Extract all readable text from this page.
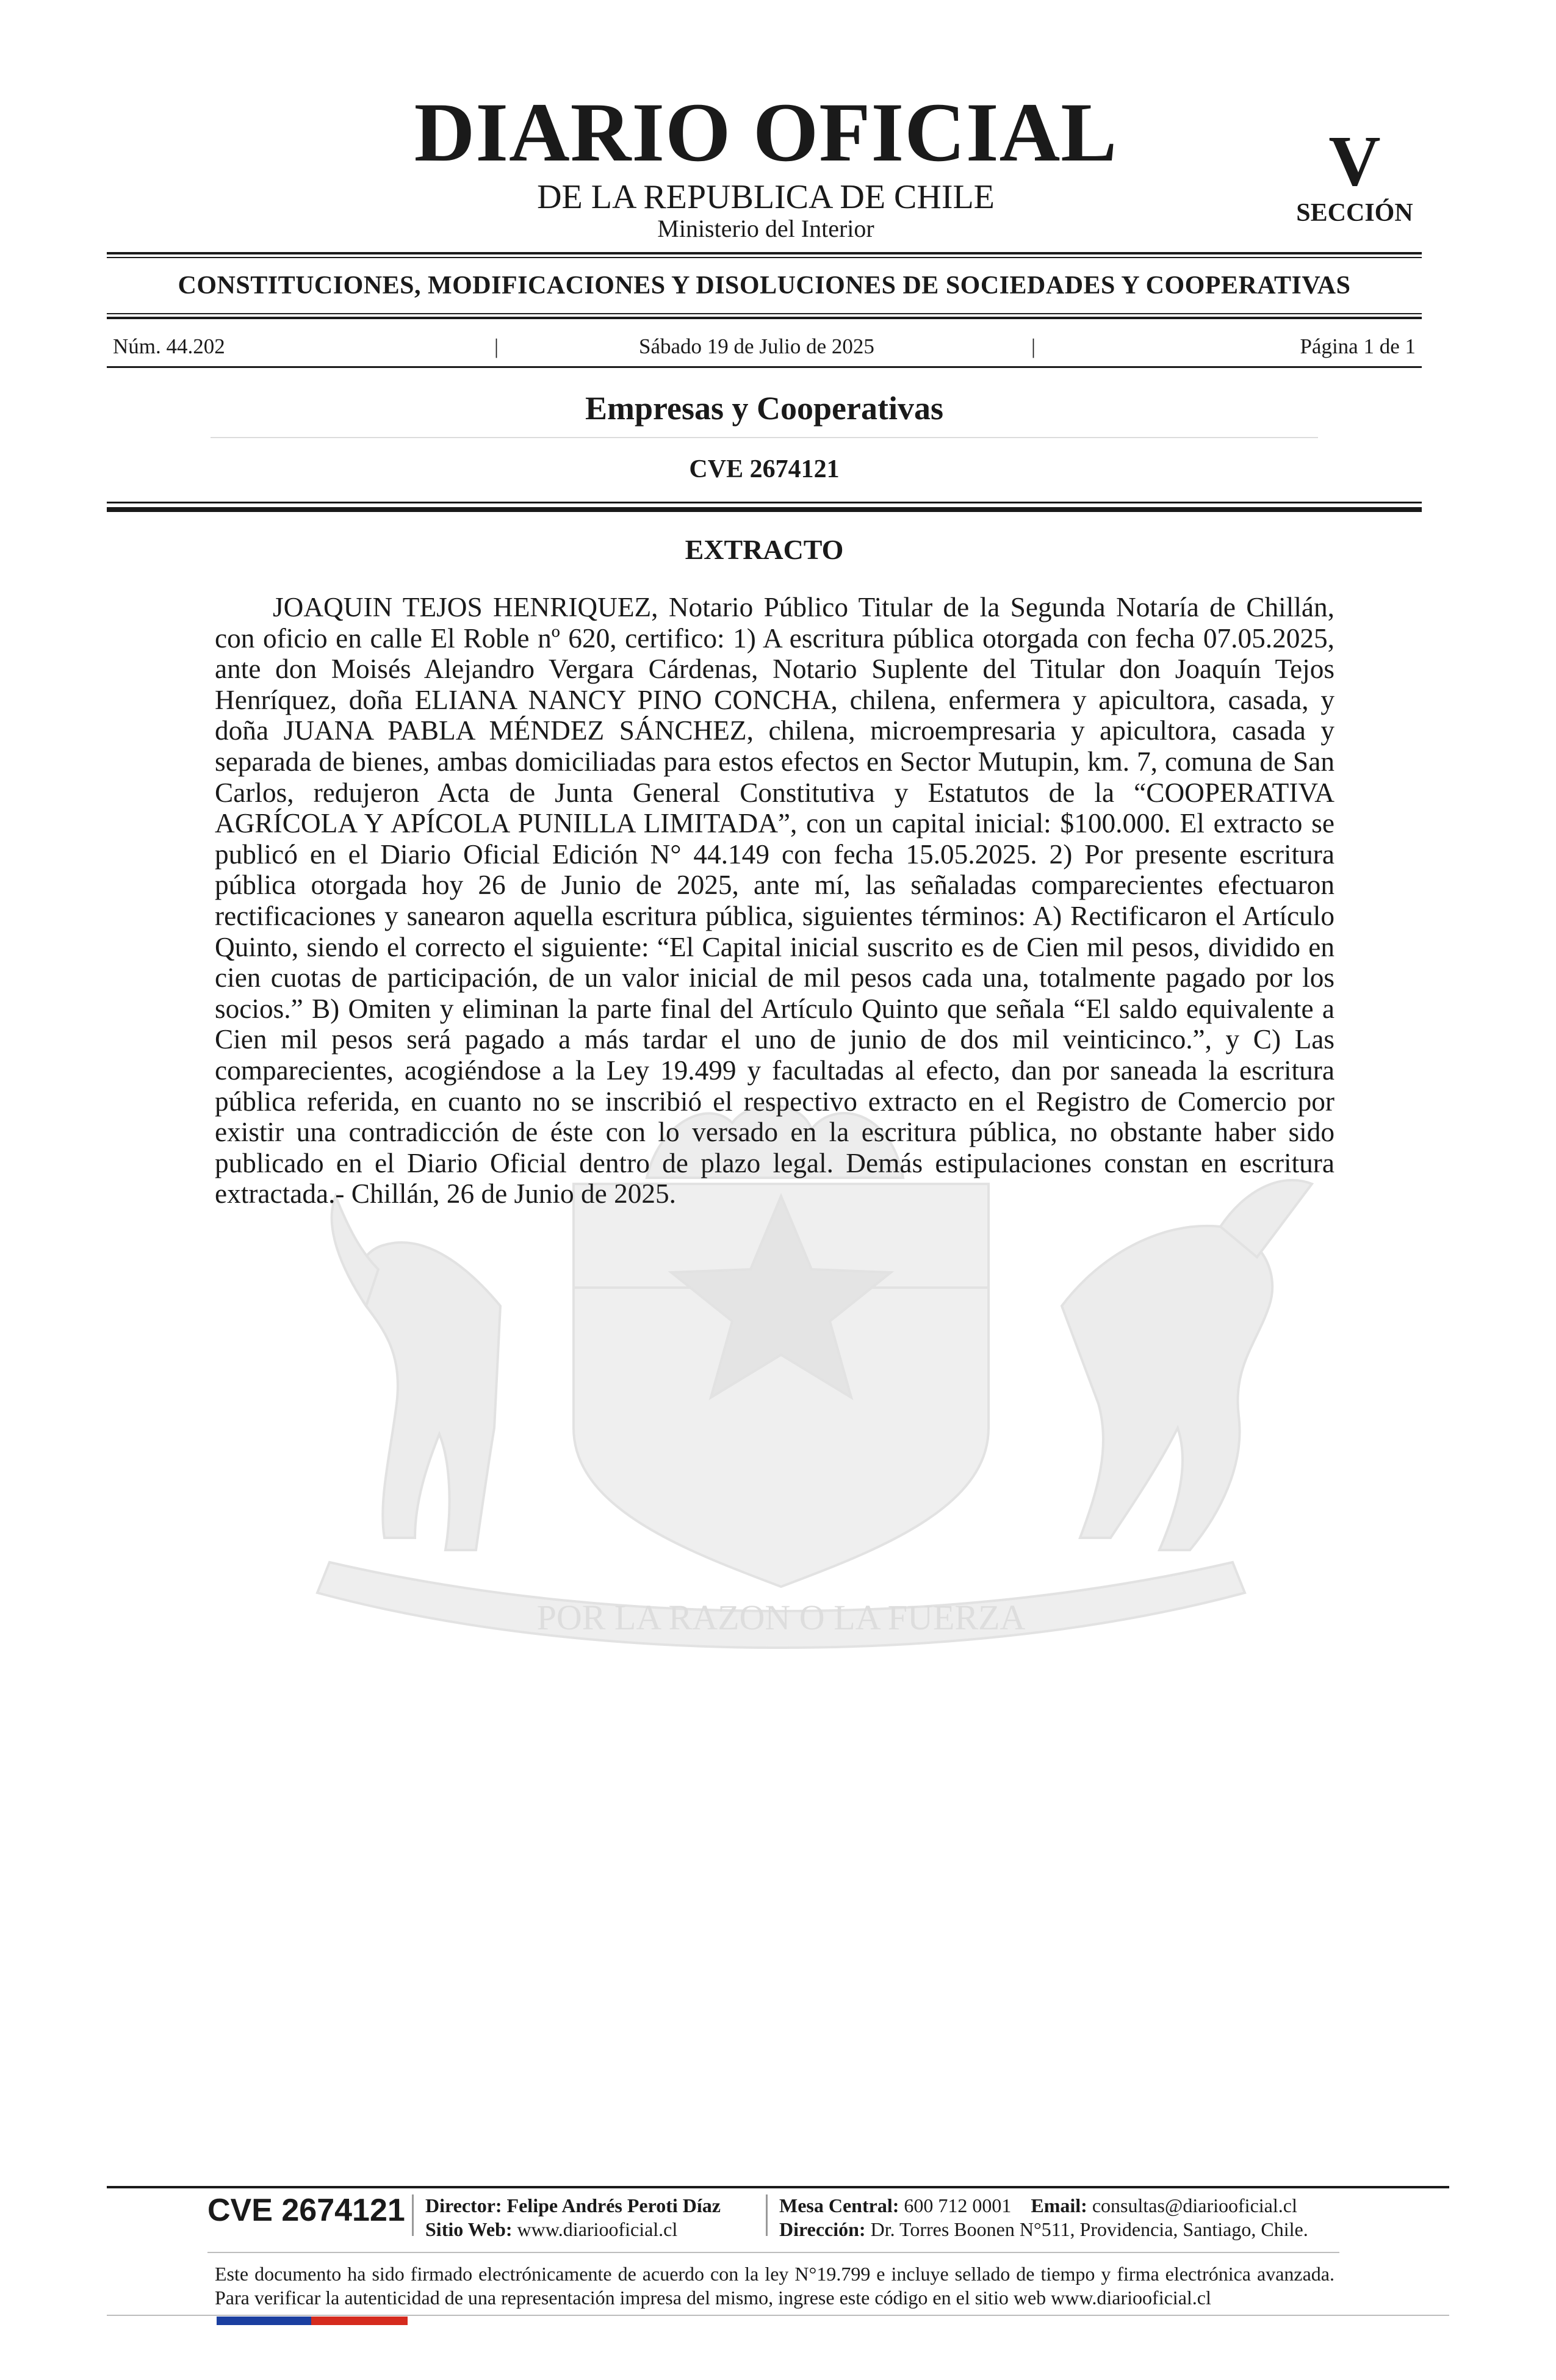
DIARIO OFICIAL
DE LA REPUBLICA DE CHILE
Ministerio del Interior
V
SECCIÓN
CONSTITUCIONES, MODIFICACIONES Y DISOLUCIONES DE SOCIEDADES Y COOPERATIVAS
Núm. 44.202	|	Sábado 19 de Julio de 2025	|	Página 1 de 1
Empresas y Cooperativas
CVE 2674121
POR LA RAZON O LA FUERZA
EXTRACTO

JOAQUIN TEJOS HENRIQUEZ, Notario Público Titular de la Segunda Notaría de Chillán, con oficio en calle El Roble nº 620, certifico: 1) A escritura pública otorgada con fecha 07.05.2025, ante don Moisés Alejandro Vergara Cárdenas, Notario Suplente del Titular don Joaquín Tejos Henríquez, doña ELIANA NANCY PINO CONCHA, chilena, enfermera y apicultora, casada, y doña JUANA PABLA MÉNDEZ SÁNCHEZ, chilena, microempresaria y apicultora, casada y separada de bienes, ambas domiciliadas para estos efectos en Sector Mutupin, km. 7, comuna de San Carlos, redujeron Acta de Junta General Constitutiva y Estatutos de la “COOPERATIVA AGRÍCOLA Y APÍCOLA PUNILLA LIMITADA”, con un capital inicial: $100.000. El extracto se publicó en el Diario Oficial Edición N° 44.149 con fecha 15.05.2025. 2) Por presente escritura pública otorgada hoy 26 de Junio de 2025, ante mí, las señaladas comparecientes efectuaron rectificaciones y sanearon aquella escritura pública, siguientes términos: A) Rectificaron el Artículo Quinto, siendo el correcto el siguiente: “El Capital inicial suscrito es de Cien mil pesos, dividido en cien cuotas de participación, de un valor inicial de mil pesos cada una, totalmente pagado por los socios.” B) Omiten y eliminan la parte final del Artículo Quinto que señala “El saldo equivalente a Cien mil pesos será pagado a más tardar el uno de junio de dos mil veinticinco.”, y C) Las comparecientes, acogiéndose a la Ley 19.499 y facultadas al efecto, dan por saneada la escritura pública referida, en cuanto no se inscribió el respectivo extracto en el Registro de Comercio por existir una contradicción de éste con lo versado en la escritura pública, no obstante haber sido publicado en el Diario Oficial dentro de plazo legal. Demás estipulaciones constan en escritura extractada.- Chillán, 26 de Junio de 2025.

CVE 2674121 Director: Felipe Andrés Peroti Díaz
Sitio Web: www.diariooficial.cl
Mesa Central: 600 712 0001 Email: consultas@diariooficial.cl
Dirección: Dr. Torres Boonen N°511, Providencia, Santiago, Chile.

Este documento ha sido firmado electrónicamente de acuerdo con la ley N°19.799 e incluye sellado de tiempo y firma electrónica avanzada. Para verificar la autenticidad de una representación impresa del mismo, ingrese este código en el sitio web www.diariooficial.cl
